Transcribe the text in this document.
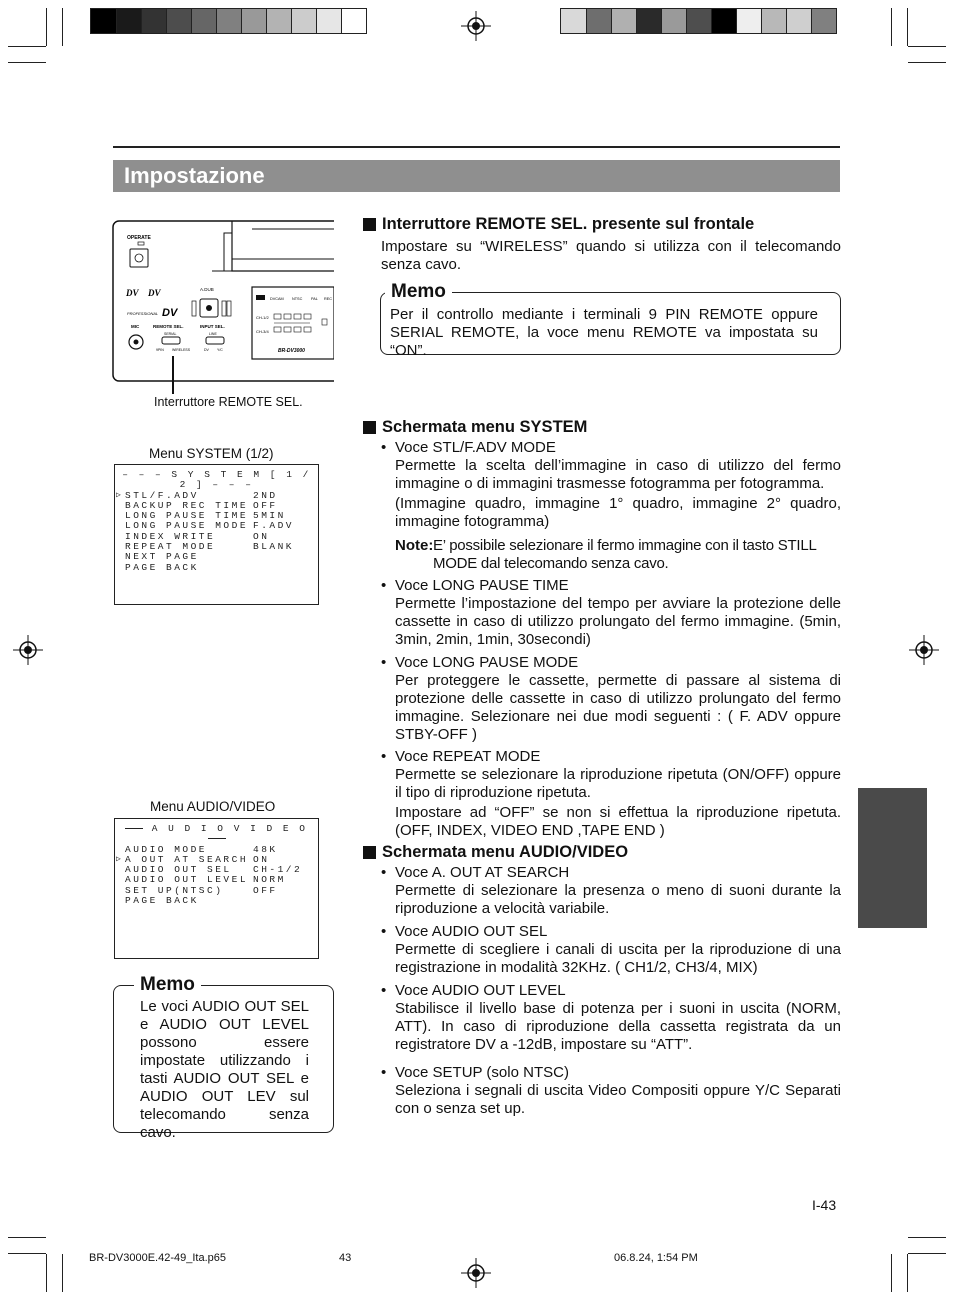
Impostazione
OPERATE
DV DV
PROFESSIONAL DV
A.DUB
MIC	REMOTE SEL.	INPUT SEL.
SERIAL	LINE
9PIN WIRELESS	DV Y/C
DVCAM NTSC PAL REC
CH-1/2
CH-3/4
BR-DV3000
Interruttore REMOTE SEL.
Menu SYSTEM (1/2)
– – – S Y S T E M [ 1 / 2 ] – – –
▷ STL/F.ADV	2ND
BACKUP REC TIME OFF
LONG PAUSE TIME 5MIN
LONG PAUSE MODE F.ADV
INDEX WRITE	ON
REPEAT MODE	BLANK
NEXT PAGE
PAGE BACK
Menu AUDIO/VIDEO
A U D I O V I D E O
AUDIO MODE	48K
▷ A OUT AT SEARCH ON
AUDIO OUT SEL	CH-1/2
AUDIO OUT LEVEL NORM
SET UP(NTSC)	OFF
PAGE BACK
Memo
Le voci AUDIO OUT SEL e AUDIO OUT LEVEL possono essere impostate utilizzando i tasti AUDIO OUT SEL e AUDIO OUT LEV sul telecomando senza cavo.
Interruttore REMOTE SEL. presente sul frontale
Impostare su “WIRELESS” quando si utilizza con il telecomando senza cavo.
Memo
Per il controllo mediante i terminali 9 PIN REMOTE oppure SERIAL REMOTE, la voce menu REMOTE va impostata su “ON”.
Schermata menu SYSTEM
• Voce STL/F.ADV MODE
Permette la scelta dell’immagine in caso di utilizzo del fermo immagine o di immagini trasmesse fotogramma per fotogramma.
(Immagine quadro, immagine 1° quadro, immagine 2° quadro, immagine fotogramma)
Note: E’ possibile selezionare il fermo immagine con il tasto STILL MODE dal telecomando senza cavo.
• Voce LONG PAUSE TIME
Permette l’impostazione del tempo per avviare la protezione delle cassette in caso di utilizzo prolungato del fermo immagine. (5min, 3min, 2min, 1min, 30secondi)
• Voce LONG PAUSE MODE
Per proteggere le cassette, permette di passare al sistema di protezione delle cassette in caso di utilizzo prolungato del fermo immagine. Selezionare nei due modi seguenti : ( F. ADV oppure STBY-OFF )
• Voce REPEAT MODE
Permette se selezionare la riproduzione ripetuta (ON/OFF) oppure il tipo di riproduzione ripetuta.
Impostare ad “OFF” se non si effettua la riproduzione ripetuta. (OFF, INDEX, VIDEO END ,TAPE END )
Schermata menu AUDIO/VIDEO
• Voce A. OUT AT SEARCH
Permette di selezionare la presenza o meno di suoni durante la riproduzione a velocità variabile.
• Voce AUDIO OUT SEL
Permette di scegliere i canali di uscita per la riproduzione di una registrazione in modalità 32KHz. ( CH1/2, CH3/4, MIX)
• Voce AUDIO OUT LEVEL
Stabilisce il livello base di potenza per i suoni in uscita (NORM, ATT). In caso di riproduzione della cassetta registrata da un registratore DV a -12dB, impostare su “ATT”.
• Voce SETUP (solo NTSC)
Seleziona i segnali di uscita Video Compositi oppure Y/C Separati con o senza set up.
I-43
BR-DV3000E.42-49_Ita.p65	43	06.8.24, 1:54 PM
